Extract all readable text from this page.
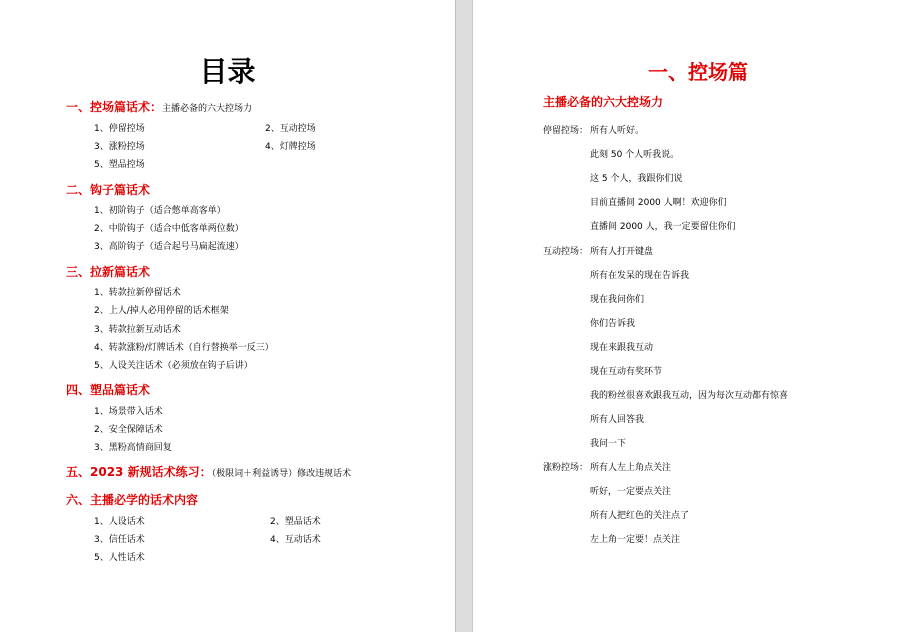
目录
一、控场篇话术：主播必备的六大控场力
1、停留控场	2、互动控场
3、涨粉控场	4、灯牌控场
5、塑品控场
二、钩子篇话术
1、初阶钩子（适合憋单高客单）
2、中阶钩子（适合中低客单两位数）
3、高阶钩子（适合起号马扁起流速）
三、拉新篇话术
1、转款拉新停留话术
2、上人/掉人必用停留的话术框架
3、转款拉新互动话术
4、转款涨粉/灯牌话术（自行替换举一反三）
5、人设关注话术（必须放在钩子后讲）
四、塑品篇话术
1、场景带入话术
2、安全保障话术
3、黑粉高情商回复
五、2023 新规话术练习：（极限词＋利益诱导）修改违规话术
六、主播必学的话术内容
1、人设话术	2、塑品话术
3、信任话术	4、互动话术
5、人性话术
一、控场篇
主播必备的六大控场力
停留控场： 所有人听好。
此刻 50 个人听我说。
这 5 个人，我跟你们说
目前直播间 2000 人啊！欢迎你们
直播间 2000 人，我一定要留住你们
互动控场： 所有人打开键盘
所有在发呆的现在告诉我
现在我问你们
你们告诉我
现在来跟我互动
现在互动有奖环节
我的粉丝很喜欢跟我互动，因为每次互动都有惊喜
所有人回答我
我问一下
涨粉控场： 所有人左上角点关注
听好，一定要点关注
所有人把红色的关注点了
左上角一定要！点关注
